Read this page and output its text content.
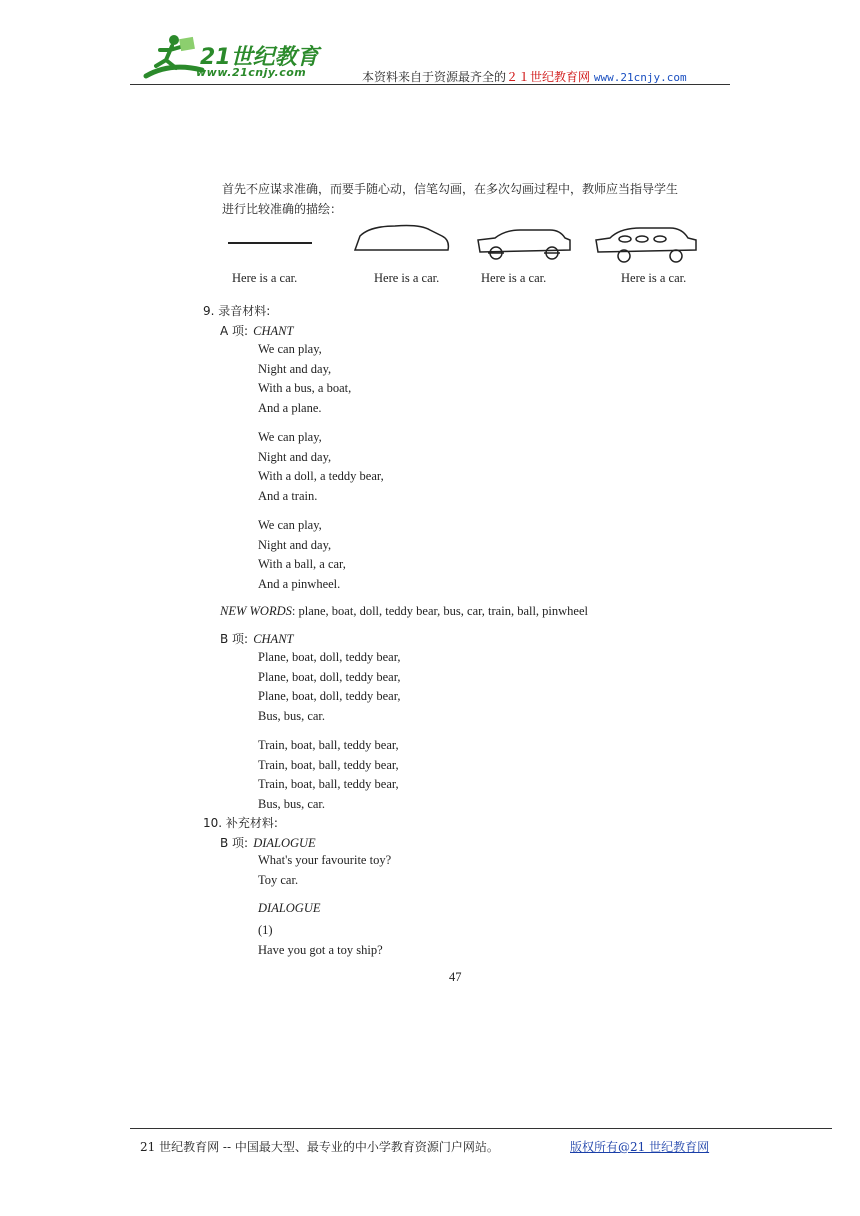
21世纪教育
www.21cnjy.com	本资料来自于资源最齐全的２１世纪教育网 www.21cnjy.com
首先不应谋求准确，而要手随心动，信笔勾画，在多次勾画过程中，教师应当指导学生
进行比较准确的描绘：
Here is a car.	Here is a car.	Here is a car.	Here is a car.
9. 录音材料:
A 项: CHANT
We can play,
Night and day,
With a bus, a boat,
And a plane.
We can play,
Night and day,
With a doll, a teddy bear,
And a train.
We can play,
Night and day,
With a ball, a car,
And a pinwheel.
NEW WORDS: plane, boat, doll, teddy bear, bus, car, train, ball, pinwheel
B 项: CHANT
Plane, boat, doll, teddy bear,
Plane, boat, doll, teddy bear,
Plane, boat, doll, teddy bear,
Bus, bus, car.
Train, boat, ball, teddy bear,
Train, boat, ball, teddy bear,
Train, boat, ball, teddy bear,
Bus, bus, car.
10. 补充材料:
B 项: DIALOGUE
What's your favourite toy?
Toy car.
DIALOGUE
(1)
Have you got a toy ship?
47
21 世纪教育网 -- 中国最大型、最专业的中小学教育资源门户网站。	版权所有@21 世纪教育网
